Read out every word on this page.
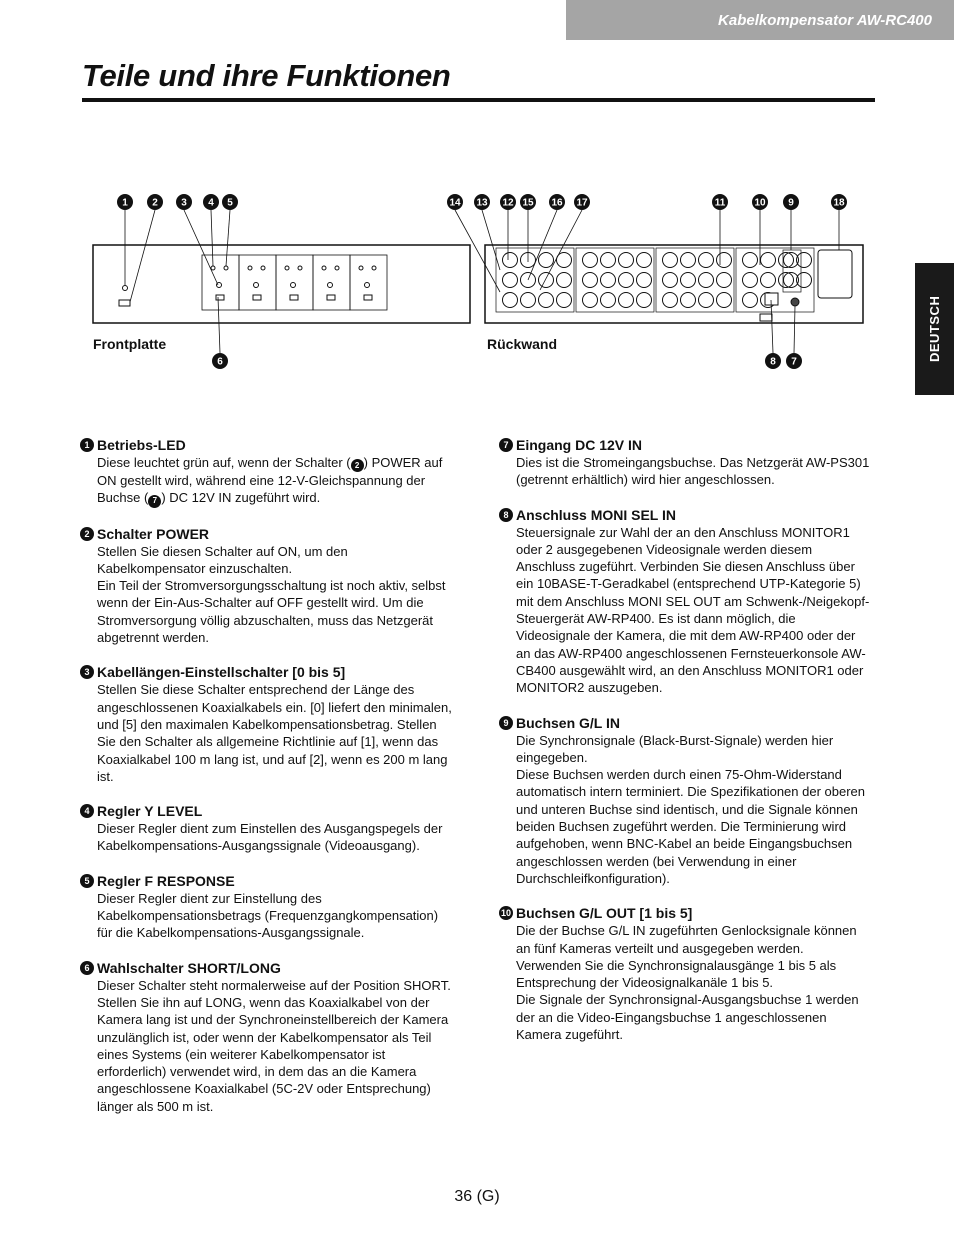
Kabelkompensator AW-RC400
Teile und ihre Funktionen
DEUTSCH
1 2 3 4 5
6
14 13 12 15 16 17	11	10 9	18
8 7
Frontplatte	Rückwand
1 Betriebs-LED

Diese leuchtet grün auf, wenn der Schalter ( 2 ) POWER auf ON gestellt wird, während eine 12-V-Gleichspannung der Buchse ( 7 ) DC 12V IN zugeführt wird.

2 Schalter POWER

Stellen Sie diesen Schalter auf ON, um den Kabelkompensator einzuschalten.

Ein Teil der Stromversorgungsschaltung ist noch aktiv, selbst wenn der Ein-Aus-Schalter auf OFF gestellt wird. Um die Stromversorgung völlig abzuschalten, muss das Netzgerät abgetrennt werden.

3 Kabellängen-Einstellschalter [0 bis 5]

Stellen Sie diese Schalter entsprechend der Länge des angeschlossenen Koaxialkabels ein. [0] liefert den minimalen, und [5] den maximalen Kabelkompensationsbetrag. Stellen Sie den Schalter als allgemeine Richtlinie auf [1], wenn das Koaxialkabel 100 m lang ist, und auf [2], wenn es 200 m lang ist.

4 Regler Y LEVEL

Dieser Regler dient zum Einstellen des Ausgangspegels der Kabelkompensations-Ausgangssignale (Videoausgang).

5 Regler F RESPONSE

Dieser Regler dient zur Einstellung des Kabelkompensationsbetrags (Frequenzgangkompensation) für die Kabelkompensations-Ausgangssignale.

6 Wahlschalter SHORT/LONG

Dieser Schalter steht normalerweise auf der Position SHORT. Stellen Sie ihn auf LONG, wenn das Koaxialkabel von der Kamera lang ist und der Synchroneinstellbereich der Kamera unzulänglich ist, oder wenn der Kabelkompensator als Teil eines Systems (ein weiterer Kabelkompensator ist erforderlich) verwendet wird, in dem das an die Kamera angeschlossene Koaxialkabel (5C-2V oder Entsprechung) länger als 500 m ist.

7 Eingang DC 12V IN

Dies ist die Stromeingangsbuchse. Das Netzgerät AW-PS301 (getrennt erhältlich) wird hier angeschlossen.

8 Anschluss MONI SEL IN

Steuersignale zur Wahl der an den Anschluss MONITOR1 oder 2 ausgegebenen Videosignale werden diesem Anschluss zugeführt. Verbinden Sie diesen Anschluss über ein 10BASE-T-Geradkabel (entsprechend UTP-Kategorie 5) mit dem Anschluss MONI SEL OUT am Schwenk-/Neigekopf-Steuergerät AW-RP400. Es ist dann möglich, die Videosignale der Kamera, die mit dem AW-RP400 oder der an das AW-RP400 angeschlossenen Fernsteuerkonsole AW-CB400 ausgewählt wird, an den Anschluss MONITOR1 oder MONITOR2 auszugeben.

9 Buchsen G/L IN

Die Synchronsignale (Black-Burst-Signale) werden hier eingegeben.

Diese Buchsen werden durch einen 75-Ohm-Widerstand automatisch intern terminiert. Die Spezifikationen der oberen und unteren Buchse sind identisch, und die Signale können beiden Buchsen zugeführt werden. Die Terminierung wird aufgehoben, wenn BNC-Kabel an beide Eingangsbuchsen angeschlossen werden (bei Verwendung in einer Durchschleifkonfiguration).

10 Buchsen G/L OUT [1 bis 5]

Die der Buchse G/L IN zugeführten Genlocksignale können an fünf Kameras verteilt und ausgegeben werden.

Verwenden Sie die Synchronsignalausgänge 1 bis 5 als Entsprechung der Videosignalkanäle 1 bis 5.

Die Signale der Synchronsignal-Ausgangsbuchse 1 werden der an die Video-Eingangsbuchse 1 angeschlossenen Kamera zugeführt.

36 (G)
